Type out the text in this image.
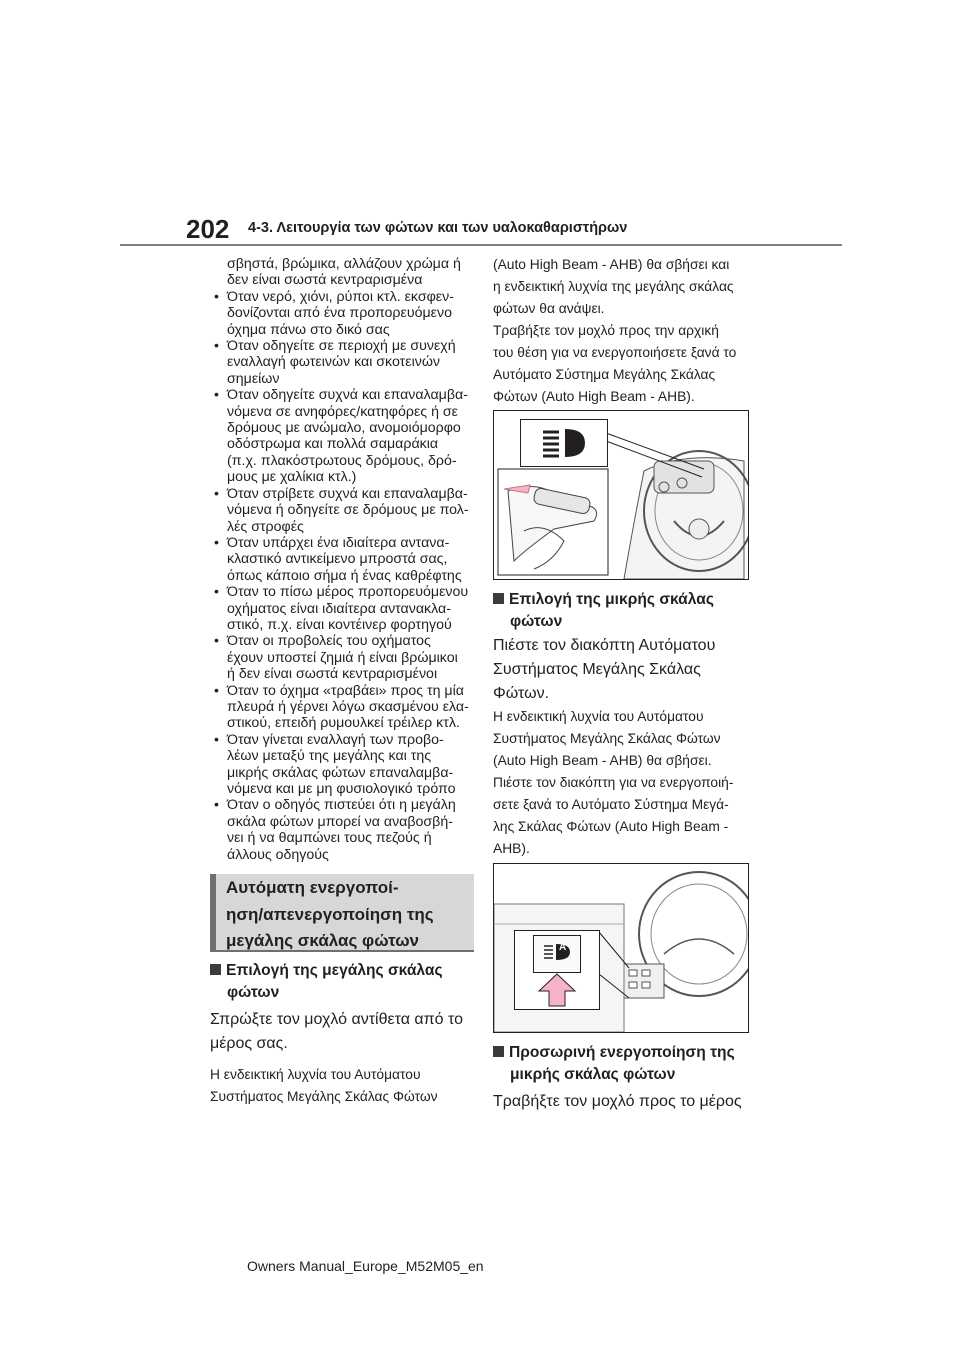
202 4-3. Λειτουργία των φώτων και των υαλοκαθαριστήρων
σβηστά, βρώμικα, αλλάζουν χρώμα ή
δεν είναι σωστά κεντραρισμένα
• Όταν νερό, χιόνι, ρύποι κτλ. εκσφεν-
δονίζονται από ένα προπορευόμενο
όχημα πάνω στο δικό σας
• Όταν οδηγείτε σε περιοχή με συνεχή
εναλλαγή φωτεινών και σκοτεινών
σημείων
• Όταν οδηγείτε συχνά και επαναλαμβα-
νόμενα σε ανηφόρες/κατηφόρες ή σε
δρόμους με ανώμαλο, ανομοιόμορφο
οδόστρωμα και πολλά σαμαράκια
(π.χ. πλακόστρωτους δρόμους, δρό-
μους με χαλίκια κτλ.)
• Όταν στρίβετε συχνά και επαναλαμβα-
νόμενα ή οδηγείτε σε δρόμους με πολ-
λές στροφές
• Όταν υπάρχει ένα ιδιαίτερα αντανα-
κλαστικό αντικείμενο μπροστά σας,
όπως κάποιο σήμα ή ένας καθρέφτης
• Όταν το πίσω μέρος προπορευόμενου
οχήματος είναι ιδιαίτερα αντανακλα-
στικό, π.χ. είναι κοντέινερ φορτηγού
• Όταν οι προβολείς του οχήματος
έχουν υποστεί ζημιά ή είναι βρώμικοι
ή δεν είναι σωστά κεντραρισμένοι
• Όταν το όχημα «τραβάει» προς τη μία
πλευρά ή γέρνει λόγω σκασμένου ελα-
στικού, επειδή ρυμουλκεί τρέιλερ κτλ.
• Όταν γίνεται εναλλαγή των προβο-
λέων μεταξύ της μεγάλης και της
μικρής σκάλας φώτων επαναλαμβα-
νόμενα και με μη φυσιολογικό τρόπο
• Όταν ο οδηγός πιστεύει ότι η μεγάλη
σκάλα φώτων μπορεί να αναβοσβή-
νει ή να θαμπώνει τους πεζούς ή
άλλους οδηγούς
Αυτόματη ενεργοποί-
ηση/απενεργοποίηση της
μεγάλης σκάλας φώτων
Επιλογή της μεγάλης σκάλας
φώτων
Σπρώξτε τον μοχλό αντίθετα από το
μέρος σας.
Η ενδεικτική λυχνία του Αυτόματου
Συστήματος Μεγάλης Σκάλας Φώτων
(Auto High Beam - AHB) θα σβήσει και
η ενδεικτική λυχνία της μεγάλης σκάλας
φώτων θα ανάψει.
Τραβήξτε τον μοχλό προς την αρχική
του θέση για να ενεργοποιήσετε ξανά το
Αυτόματο Σύστημα Μεγάλης Σκάλας
Φώτων (Auto High Beam - AHB).
Επιλογή της μικρής σκάλας
φώτων
Πιέστε τον διακόπτη Αυτόματου
Συστήματος Μεγάλης Σκάλας
Φώτων.
Η ενδεικτική λυχνία του Αυτόματου
Συστήματος Μεγάλης Σκάλας Φώτων
(Auto High Beam - AHB) θα σβήσει.
Πιέστε τον διακόπτη για να ενεργοποιή-
σετε ξανά το Αυτόματο Σύστημα Μεγά-
λης Σκάλας Φώτων (Auto High Beam -
AHB).
A
Προσωρινή ενεργοποίηση της
μικρής σκάλας φώτων
Τραβήξτε τον μοχλό προς το μέρος
Owners Manual_Europe_M52M05_en
